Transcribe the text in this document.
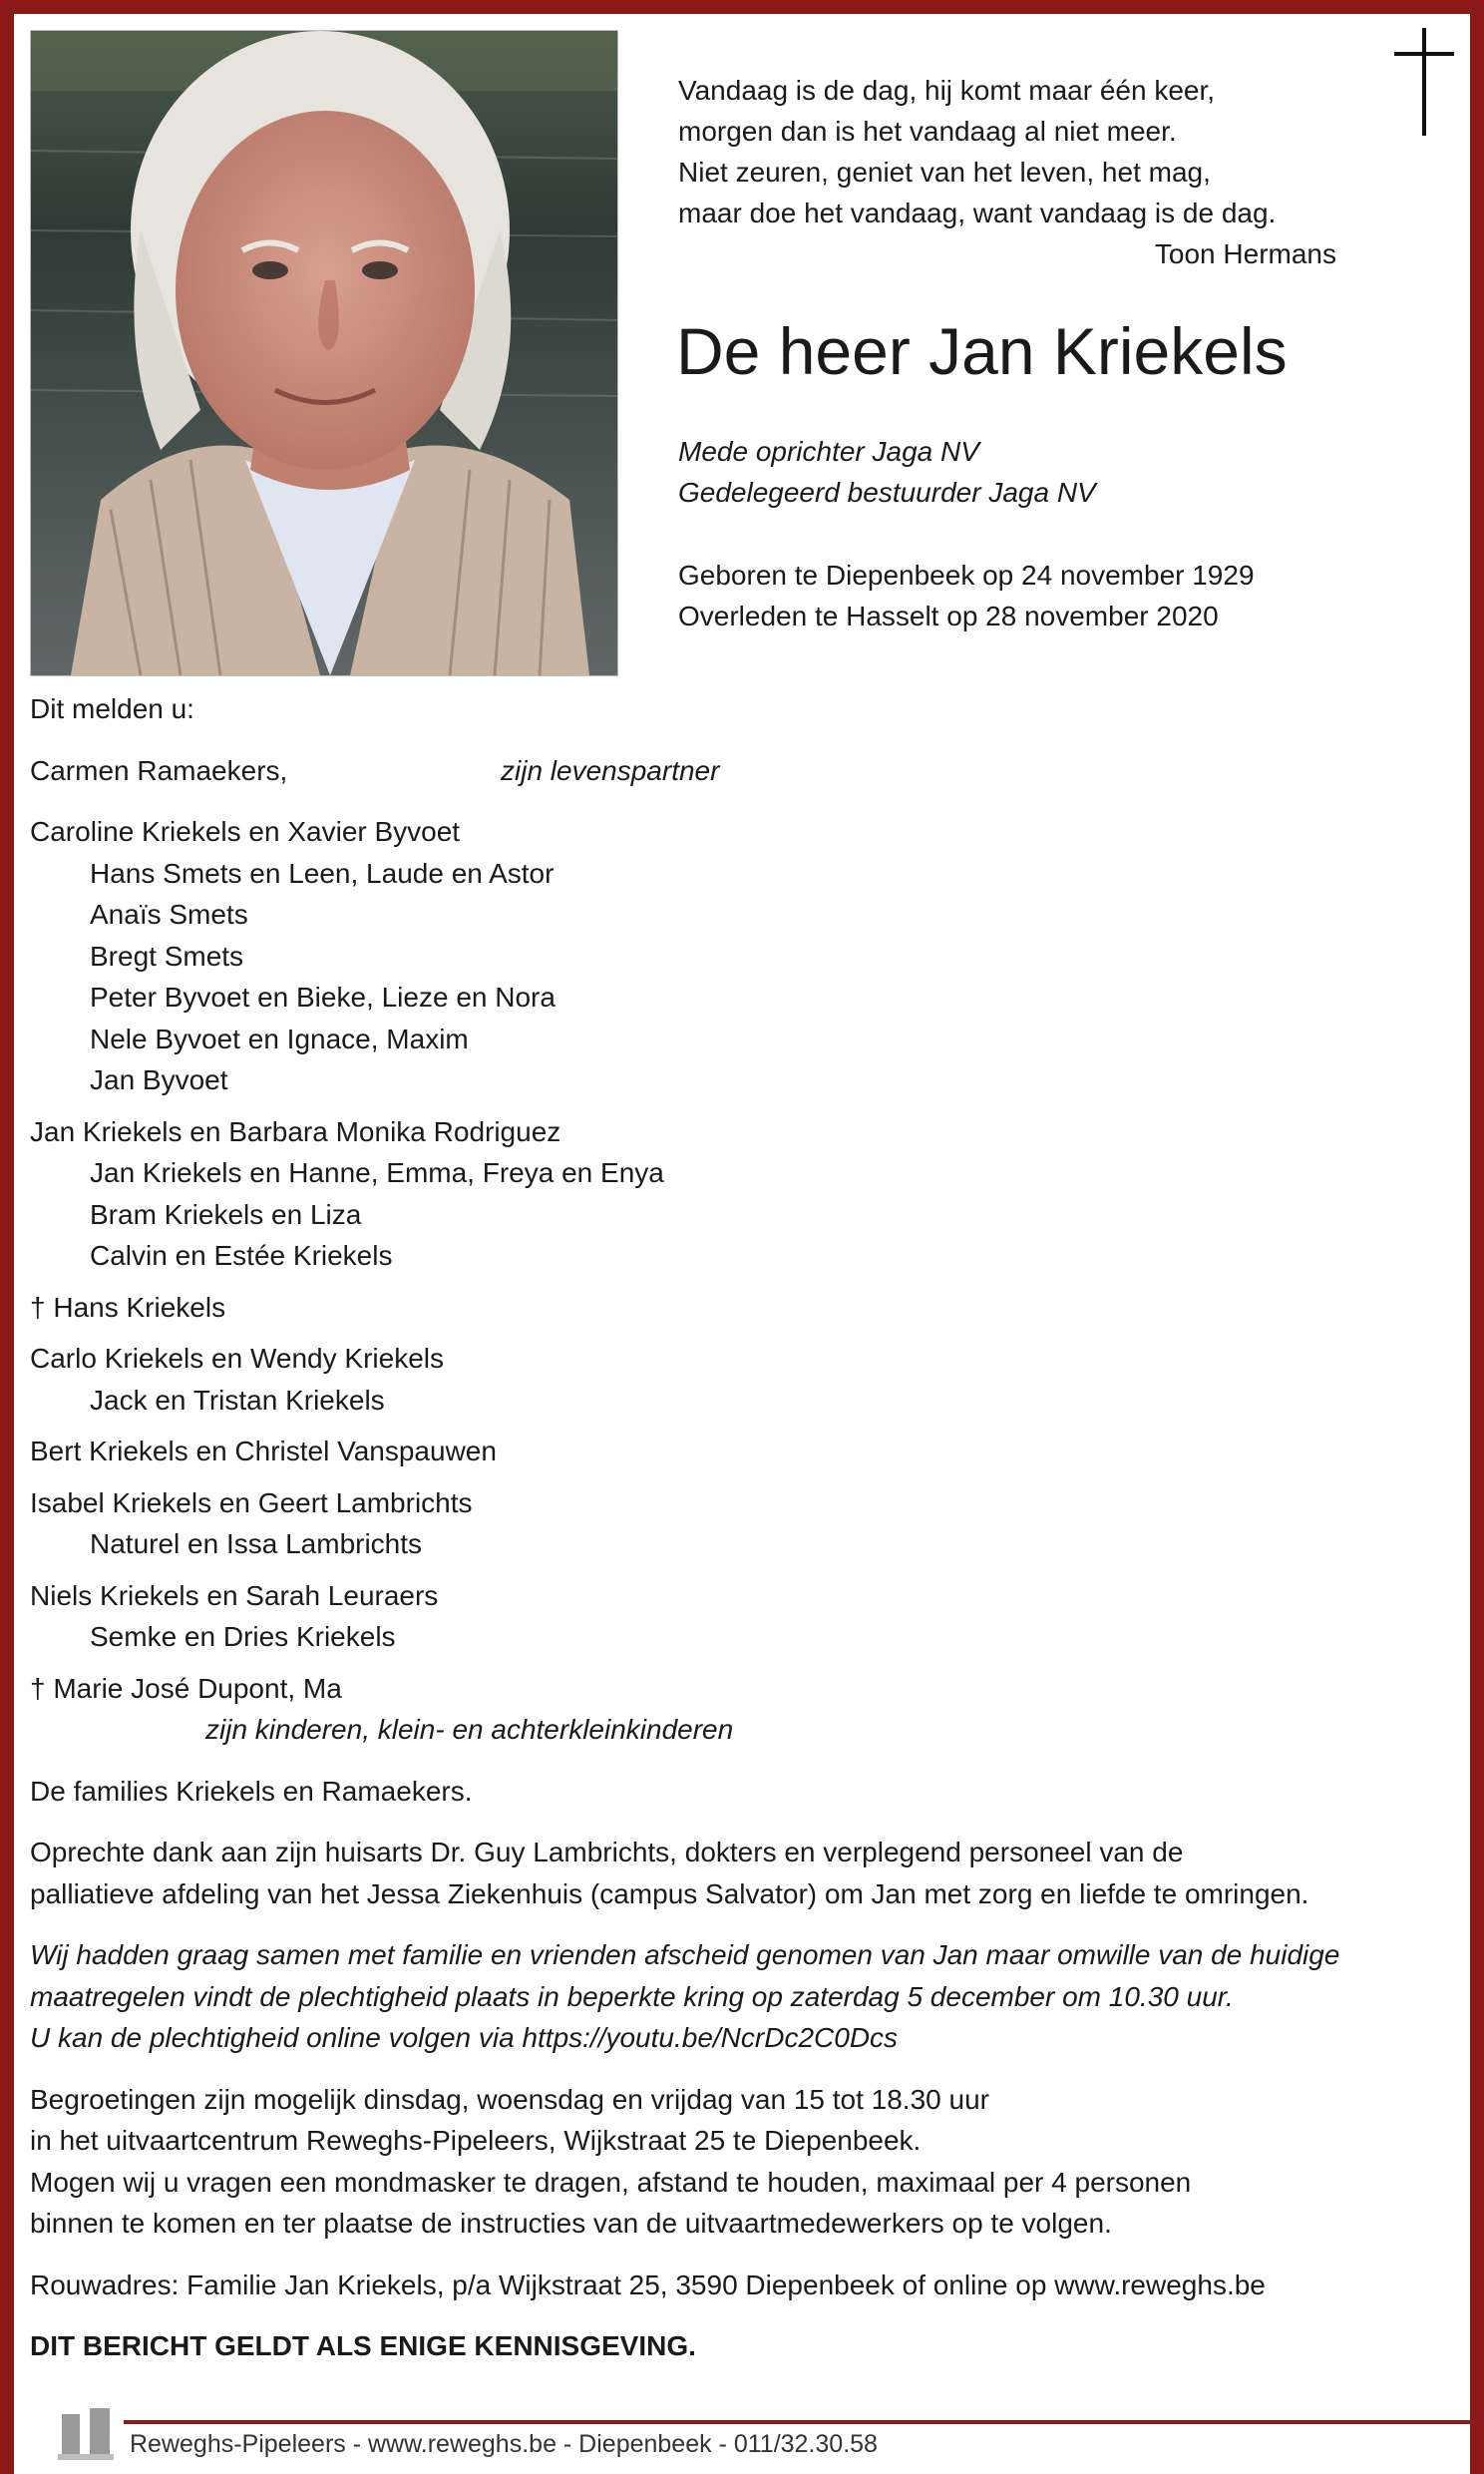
Vandaag is de dag, hij komt maar één keer,
morgen dan is het vandaag al niet meer.
Niet zeuren, geniet van het leven, het mag,
maar doe het vandaag, want vandaag is de dag.
Toon Hermans
De heer Jan Kriekels
Mede oprichter Jaga NV
Gedelegeerd bestuurder Jaga NV
Geboren te Diepenbeek op 24 november 1929
Overleden te Hasselt op 28 november 2020

Dit melden u:

Carmen Ramaekers,	zijn levenspartner

Caroline Kriekels en Xavier Byvoet

Hans Smets en Leen, Laude en Astor

Anaïs Smets

Bregt Smets

Peter Byvoet en Bieke, Lieze en Nora

Nele Byvoet en Ignace, Maxim

Jan Byvoet

Jan Kriekels en Barbara Monika Rodriguez

Jan Kriekels en Hanne, Emma, Freya en Enya

Bram Kriekels en Liza

Calvin en Estée Kriekels

† Hans Kriekels

Carlo Kriekels en Wendy Kriekels

Jack en Tristan Kriekels

Bert Kriekels en Christel Vanspauwen

Isabel Kriekels en Geert Lambrichts

Naturel en Issa Lambrichts

Niels Kriekels en Sarah Leuraers

Semke en Dries Kriekels

† Marie José Dupont, Ma

zijn kinderen, klein- en achterkleinkinderen

De families Kriekels en Ramaekers.

Oprechte dank aan zijn huisarts Dr. Guy Lambrichts, dokters en verplegend personeel van de

palliatieve afdeling van het Jessa Ziekenhuis (campus Salvator) om Jan met zorg en liefde te omringen.

Wij hadden graag samen met familie en vrienden afscheid genomen van Jan maar omwille van de huidige

maatregelen vindt de plechtigheid plaats in beperkte kring op zaterdag 5 december om 10.30 uur.

U kan de plechtigheid online volgen via https://youtu.be/NcrDc2C0Dcs

Begroetingen zijn mogelijk dinsdag, woensdag en vrijdag van 15 tot 18.30 uur

in het uitvaartcentrum Reweghs-Pipeleers, Wijkstraat 25 te Diepenbeek.

Mogen wij u vragen een mondmasker te dragen, afstand te houden, maximaal per 4 personen

binnen te komen en ter plaatse de instructies van de uitvaartmedewerkers op te volgen.

Rouwadres: Familie Jan Kriekels, p/a Wijkstraat 25, 3590 Diepenbeek of online op www.reweghs.be

DIT BERICHT GELDT ALS ENIGE KENNISGEVING.

Reweghs-Pipeleers - www.reweghs.be - Diepenbeek - 011/32.30.58
